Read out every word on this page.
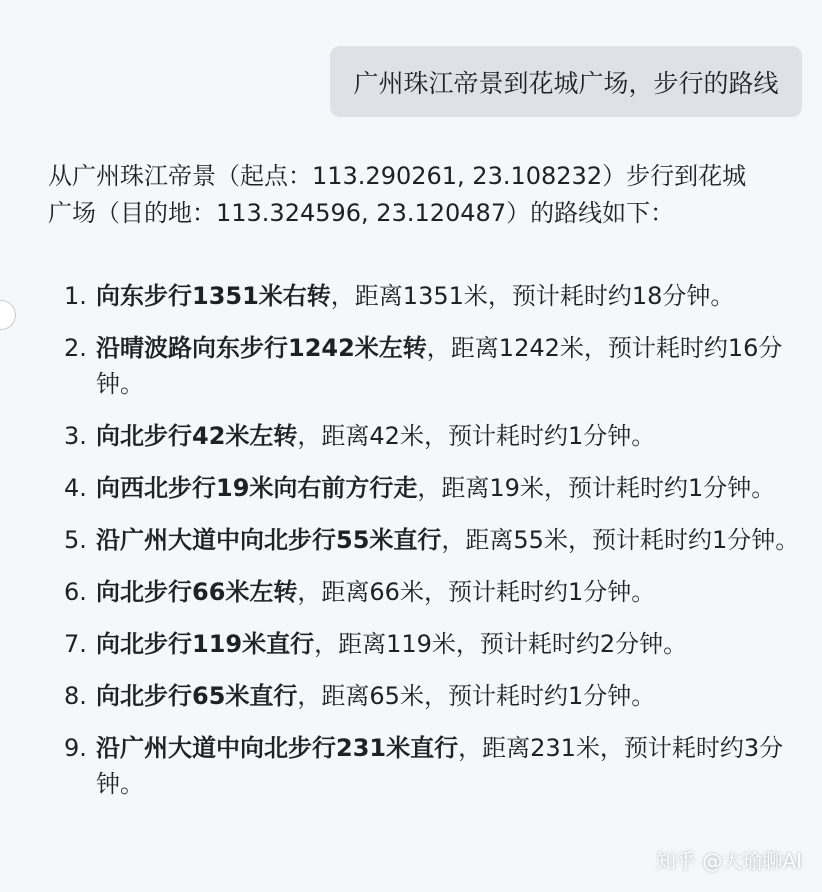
广州珠江帝景到花城广场，步行的路线

从广州珠江帝景（起点：113.290261, 23.108232）步行到花城
广场（目的地：113.324596, 23.120487）的路线如下：

1. 向东步行1351米右转，距离1351米，预计耗时约18分钟。
2. 沿晴波路向东步行1242米左转，距离1242米，预计耗时约16分钟。
3. 向北步行42米左转，距离42米，预计耗时约1分钟。
4. 向西北步行19米向右前方行走，距离19米，预计耗时约1分钟。
5. 沿广州大道中向北步行55米直行，距离55米，预计耗时约1分钟。
6. 向北步行66米左转，距离66米，预计耗时约1分钟。
7. 向北步行119米直行，距离119米，预计耗时约2分钟。
8. 向北步行65米直行，距离65米，预计耗时约1分钟。
9. 沿广州大道中向北步行231米直行，距离231米，预计耗时约3分钟。
知乎 @大瑜聊AI
